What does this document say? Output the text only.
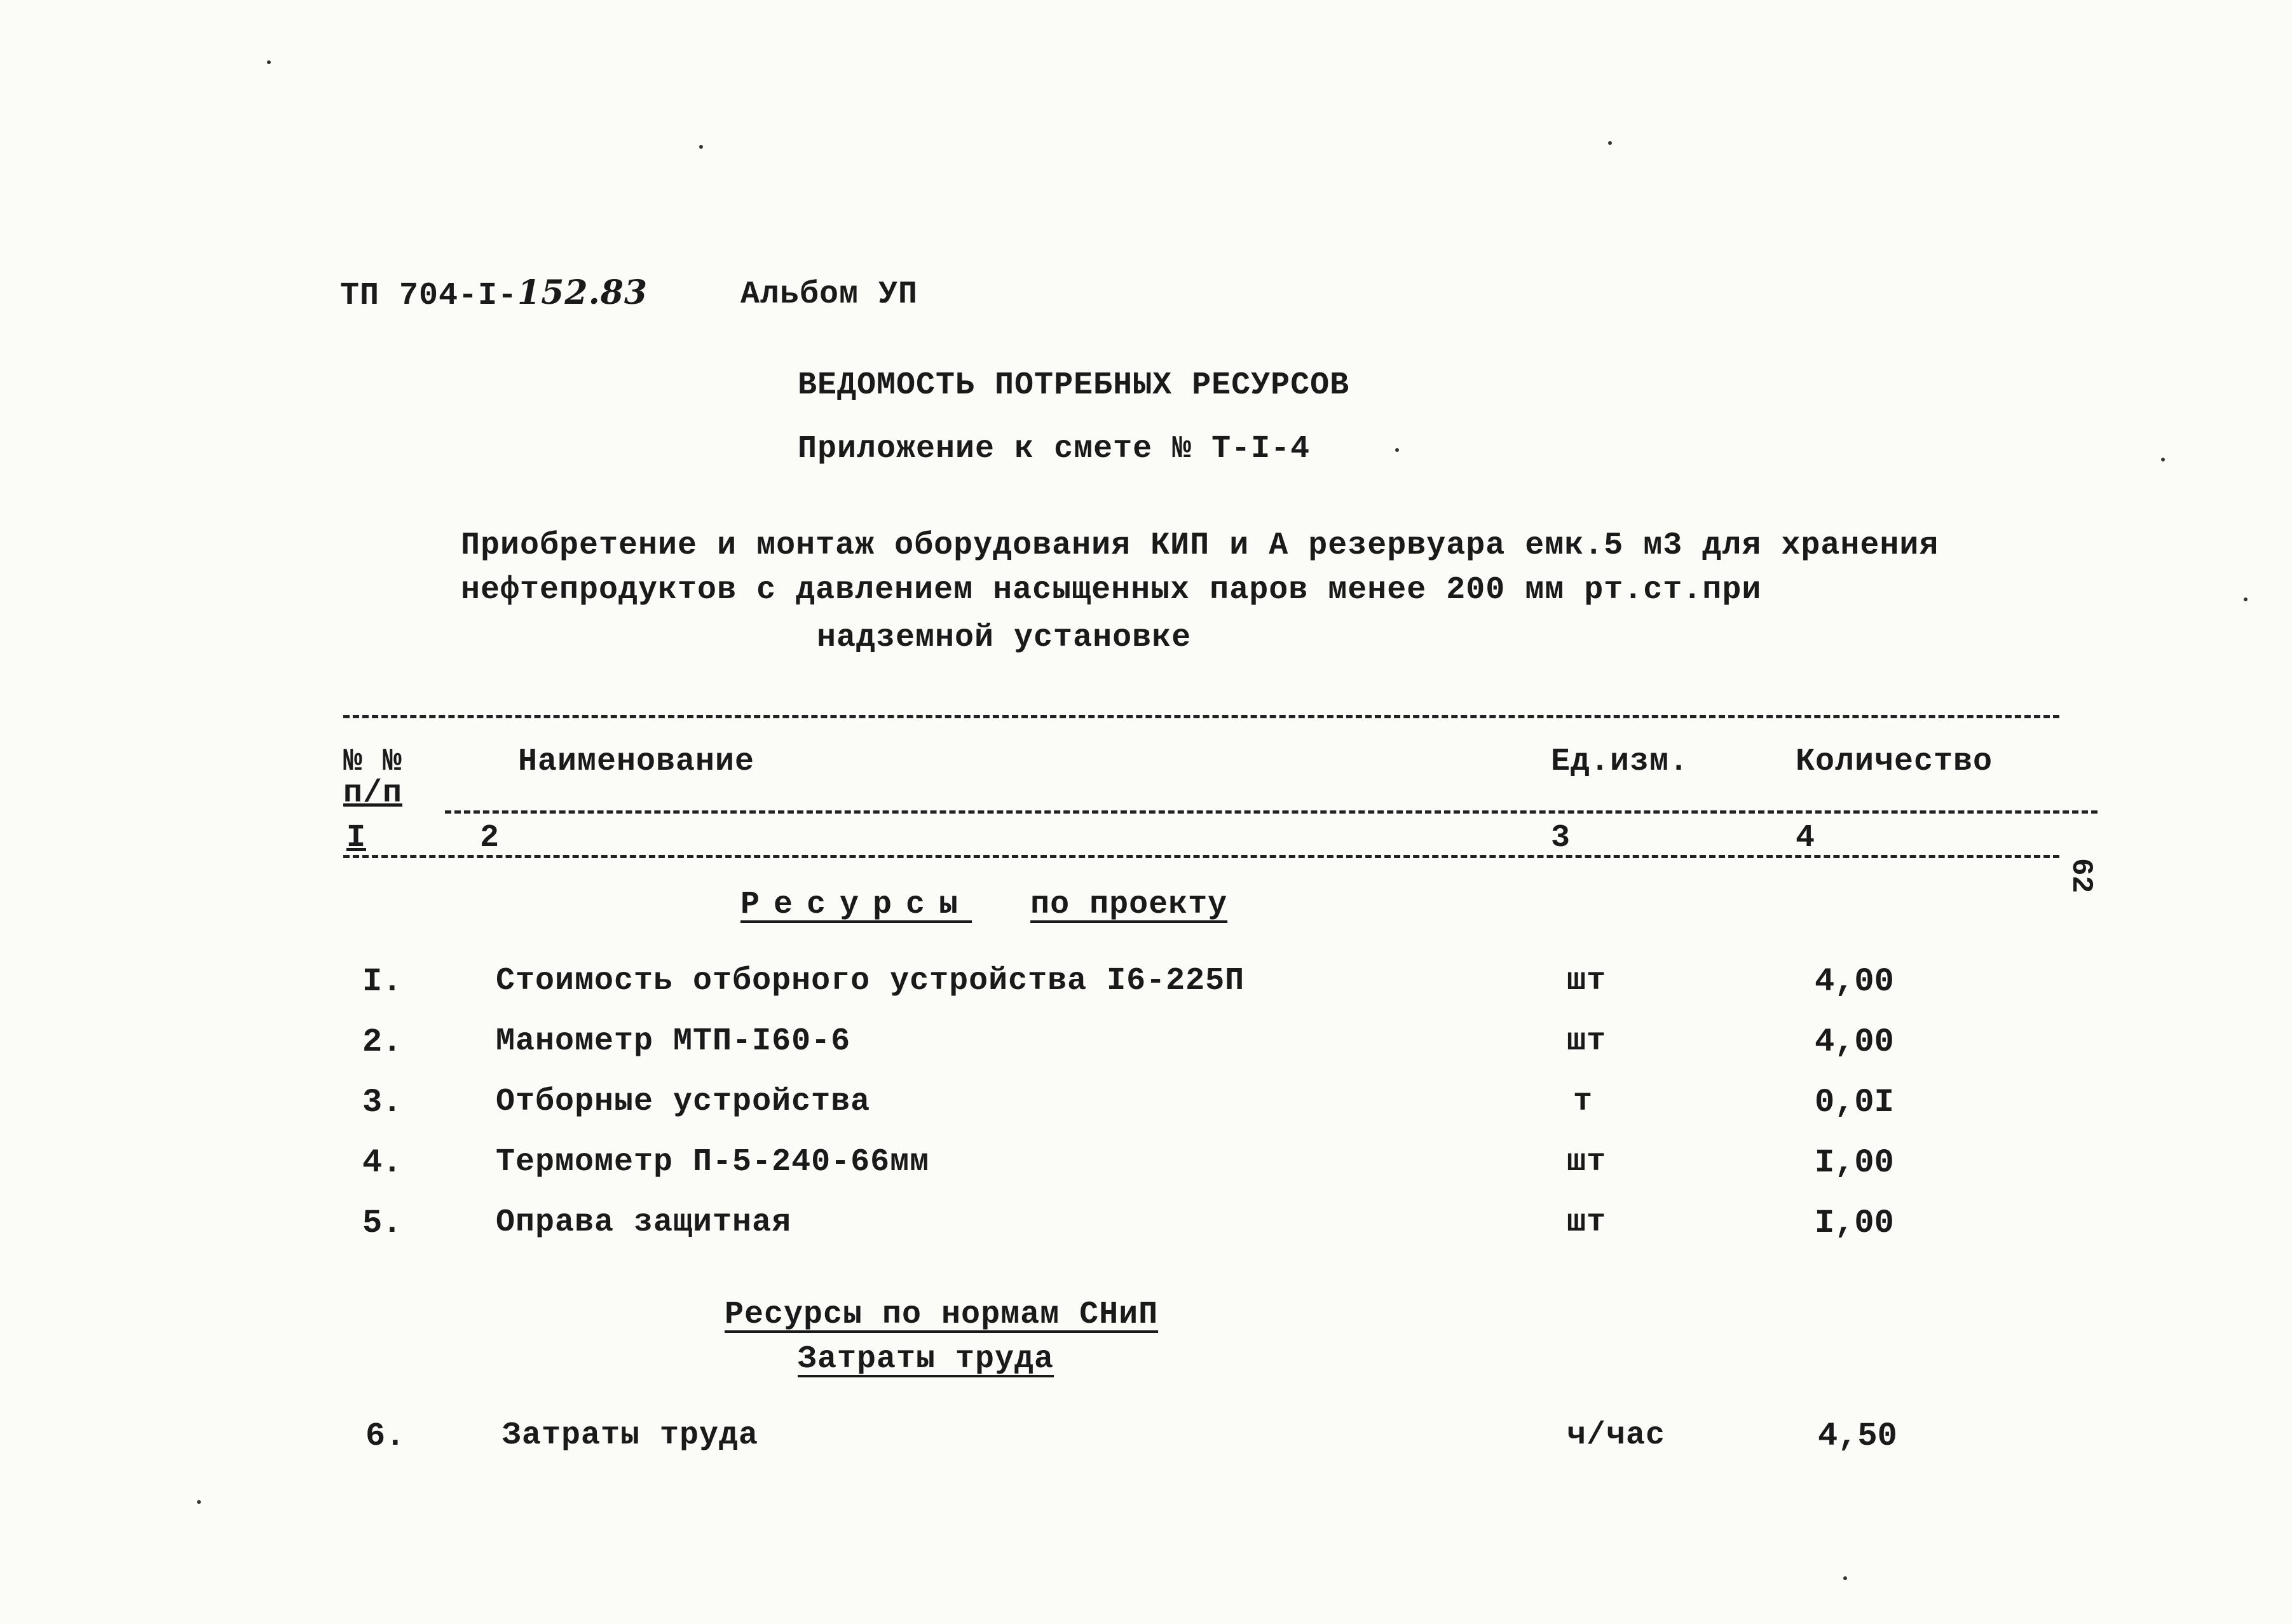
ТП 704-I-152.83	Альбом УП
ВЕДОМОСТЬ ПОТРЕБНЫХ РЕСУРСОВ
Приложение к смете № Т-I-4
Приобретение и монтаж оборудования КИП и А резервуара емк.5 м3 для хранения
нефтепродуктов с давлением насыщенных паров менее 200 мм рт.ст.при
надземной установке
№ №
п/п
Наименование	Ед.изм.	Количество
I	2	3	4
62
Ресурсы по проекту
I.	Стоимость отборного устройства I6-225П	шт	4,00
2.	Манометр МТП-I60-6	шт	4,00
3.	Отборные устройства	т	0,0I
4.	Термометр П-5-240-66мм	шт	I,00
5.	Оправа защитная	шт	I,00
Ресурсы по нормам СНиП
Затраты труда
6.	Затраты труда	ч/час	4,50
